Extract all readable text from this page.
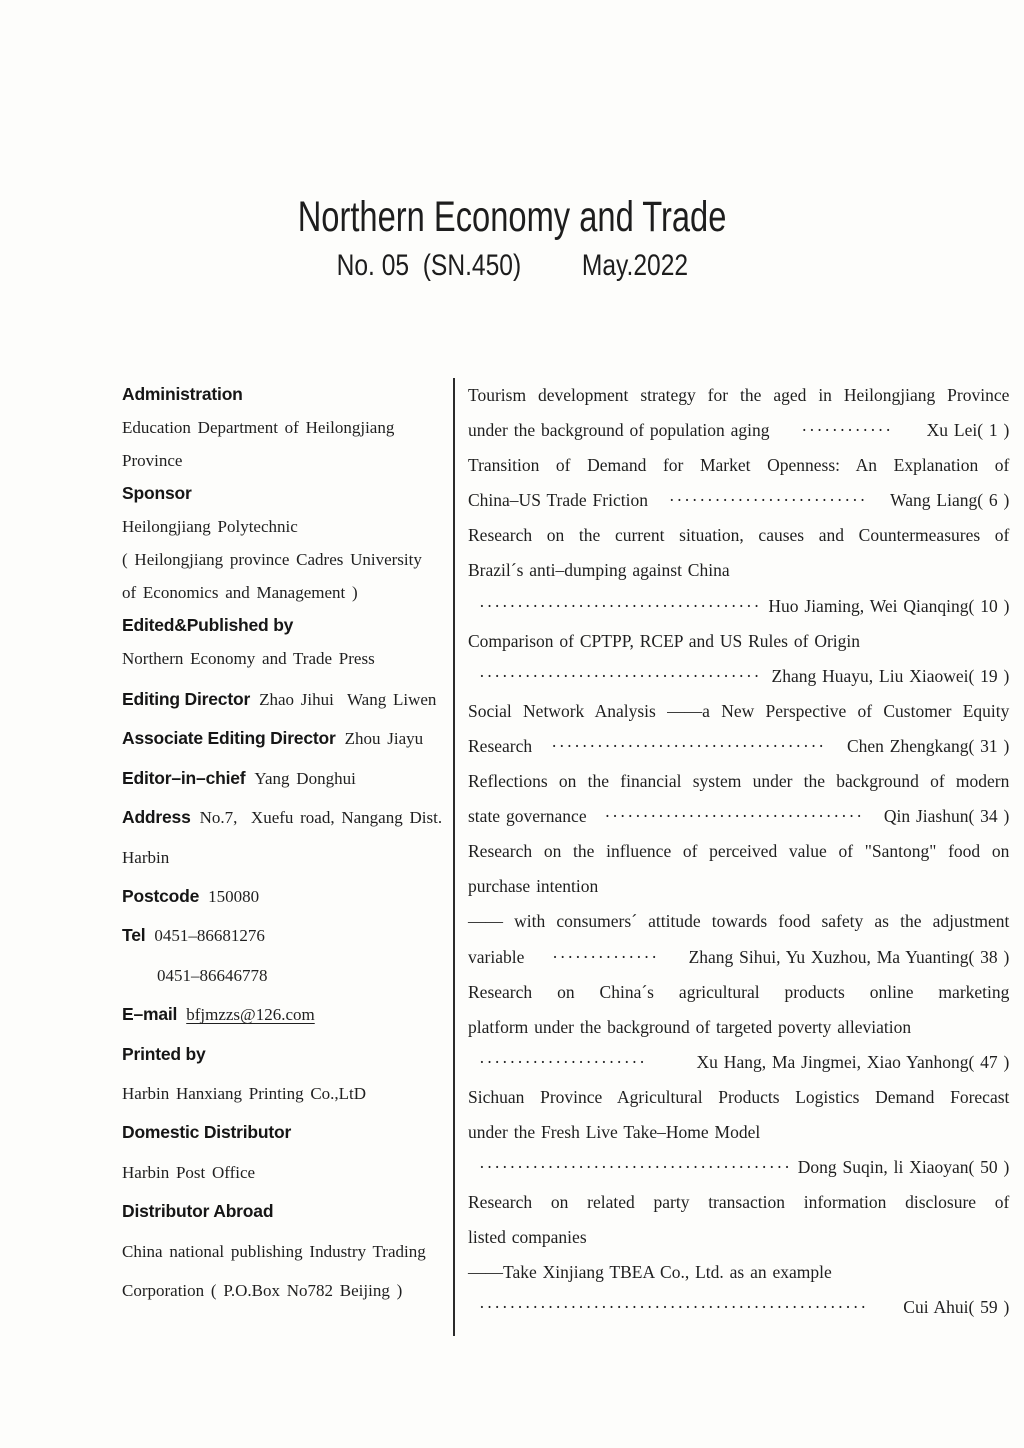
Northern Economy and Trade
No. 05  (SN.450) May.2022
Administration
Education Department of Heilongjiang
Province
Sponsor
Heilongjiang Polytechnic
( Heilongjiang province Cadres University
of Economics and Management )
Edited&Published by
Northern Economy and Trade Press
Editing Director Zhao Jihui  Wang Liwen
Associate Editing Director Zhou Jiayu
Editor–in–chief Yang Donghui
Address No.7,  Xuefu road, Nangang Dist.
Harbin
Postcode 150080
Tel 0451–86681276
0451–86646778
E–mail bfjmzzs@126.com
Printed by
Harbin Hanxiang Printing Co.,LtD
Domestic Distributor
Harbin Post Office
Distributor Abroad
China national publishing Industry Trading
Corporation ( P.O.Box No782 Beijing )
Tourism development strategy for the aged in Heilongjiang Province
under the background of population aging ············ Xu Lei( 1 )
Transition of Demand for Market Openness: An Explanation of
China–US Trade Friction ·························· Wang Liang( 6 )
Research on the current situation, causes and Countermeasures of
Brazil´s anti–dumping against China
····································· Huo Jiaming, Wei Qianqing( 10 )
Comparison of CPTPP, RCEP and US Rules of Origin
····································· Zhang Huayu, Liu Xiaowei( 19 )
Social Network Analysis ——a New Perspective of Customer Equity
Research ···································· Chen Zhengkang( 31 )
Reflections on the financial system under the background of modern
state governance ·································· Qin Jiashun( 34 )
Research on the influence of perceived value of "Santong" food on
purchase intention
—— with consumers´ attitude towards food safety as the adjustment
variable ·············· Zhang Sihui, Yu Xuzhou, Ma Yuanting( 38 )
Research on China´s agricultural products online marketing
platform under the background of targeted poverty alleviation
······················	Xu Hang, Ma Jingmei, Xiao Yanhong( 47 )
Sichuan Province Agricultural Products Logistics Demand Forecast
under the Fresh Live Take–Home Model
········································· Dong Suqin, li Xiaoyan( 50 )
Research on related party transaction information disclosure of
listed companies
——Take Xinjiang TBEA Co., Ltd. as an example
··················································· Cui Ahui( 59 )
